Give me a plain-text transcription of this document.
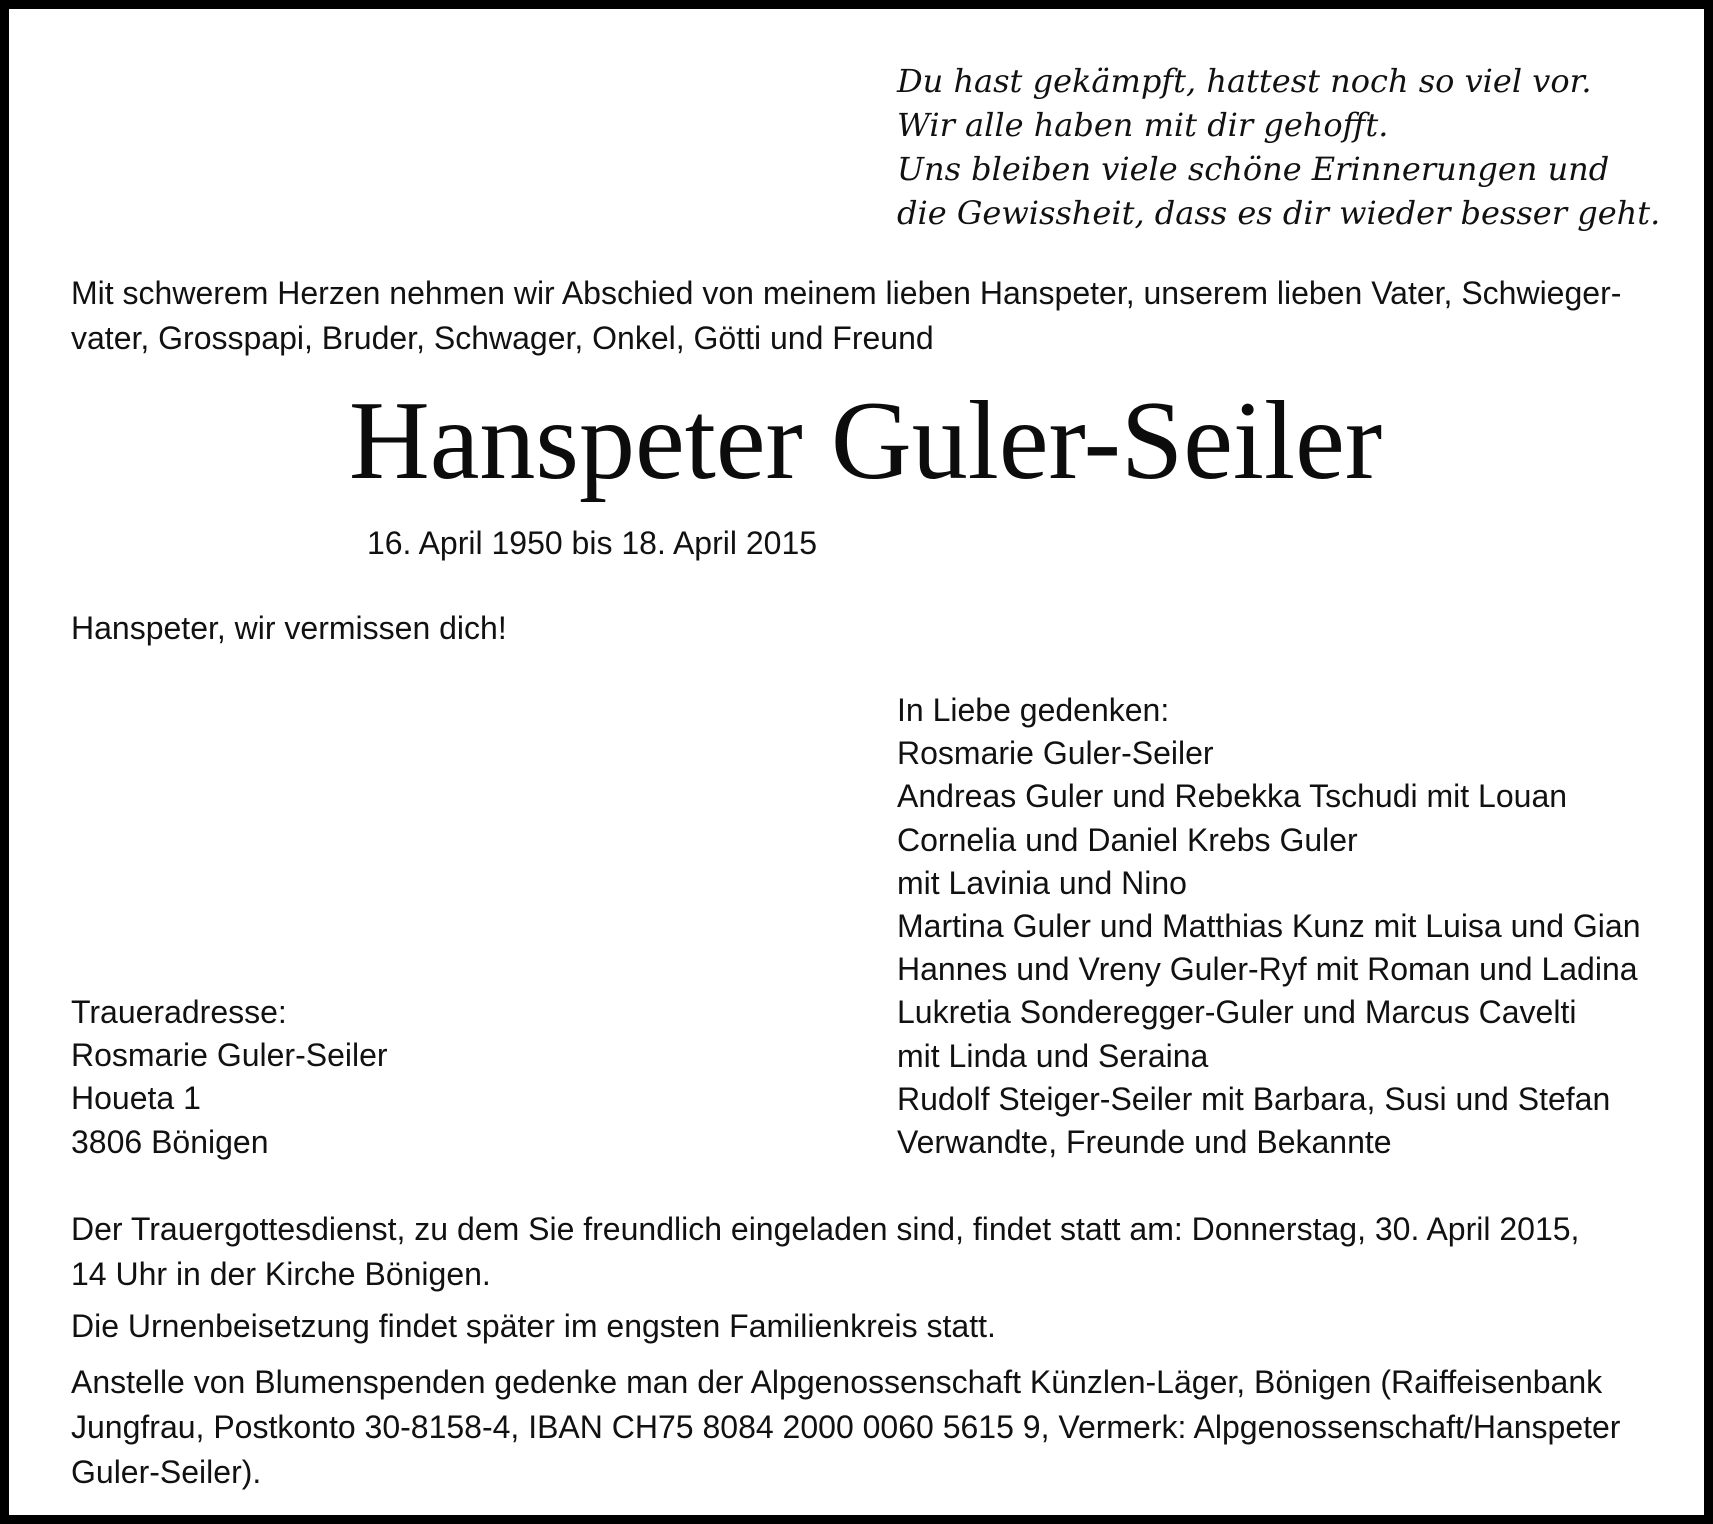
Du hast gekämpft, hattest noch so viel vor.
Wir alle haben mit dir gehofft.
Uns bleiben viele schöne Erinnerungen und
die Gewissheit, dass es dir wieder besser geht.
Mit schwerem Herzen nehmen wir Abschied von meinem lieben Hanspeter, unserem lieben Vater, Schwieger-
vater, Grosspapi, Bruder, Schwager, Onkel, Götti und Freund
Hanspeter Guler-Seiler
16. April 1950 bis 18. April 2015
Hanspeter, wir vermissen dich!
In Liebe gedenken:
Rosmarie Guler-Seiler
Andreas Guler und Rebekka Tschudi mit Louan
Cornelia und Daniel Krebs Guler
mit Lavinia und Nino
Martina Guler und Matthias Kunz mit Luisa und Gian
Hannes und Vreny Guler-Ryf mit Roman und Ladina
Lukretia Sonderegger-Guler und Marcus Cavelti
mit Linda und Seraina
Rudolf Steiger-Seiler mit Barbara, Susi und Stefan
Verwandte, Freunde und Bekannte
Traueradresse:
Rosmarie Guler-Seiler
Houeta 1
3806 Bönigen
Der Trauergottesdienst, zu dem Sie freundlich eingeladen sind, findet statt am: Donnerstag, 30. April 2015,
14 Uhr in der Kirche Bönigen.
Die Urnenbeisetzung findet später im engsten Familienkreis statt.
Anstelle von Blumenspenden gedenke man der Alpgenossenschaft Künzlen-Läger, Bönigen (Raiffeisenbank
Jungfrau, Postkonto 30-8158-4, IBAN CH75 8084 2000 0060 5615 9, Vermerk: Alpgenossenschaft/Hanspeter
Guler-Seiler).
